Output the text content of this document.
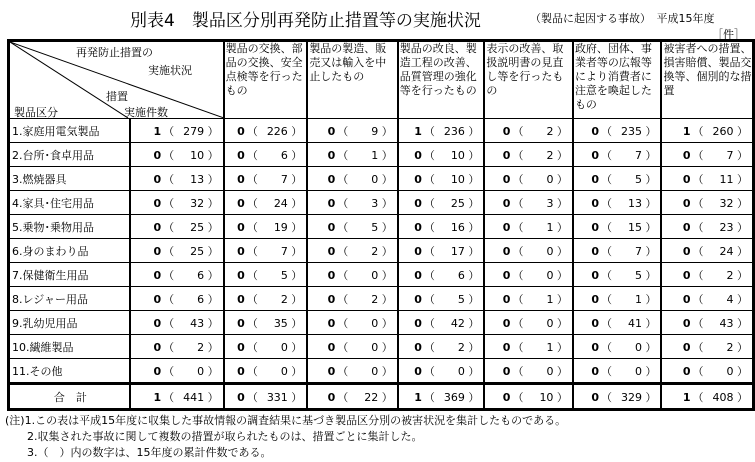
別表4　製品区分別再発防止措置等の実施状況	（製品に起因する事故）　平成15年度
［件］
再発防止措置の
実施状況
措置
製品区分 実施件数		製品の交換、部品の交換、安全点検等を行ったもの	製品の製造、販売又は輸入を中止したもの	製品の改良、製造工程の改善、品質管理の強化等を行ったもの	表示の改善、取扱説明書の見直し等を行ったもの	政府、団体、事業者等の広報等により消費者に注意を喚起したもの	被害者への措置、損害賠償、製品交換等、個別的な措置
1.家庭用電気製品	1 （ 279 ）	0 （ 226 ）	0 （ 9 ）	1 （ 236 ）	0 （ 2 ）	0 （ 235 ）	1 （ 260 ）
2.台所･食卓用品	0 （ 10 ）	0 （ 6 ）	0 （ 1 ）	0 （ 10 ）	0 （ 2 ）	0 （ 7 ）	0 （ 7 ）
3.燃焼器具	0 （ 13 ）	0 （ 7 ）	0 （ 0 ）	0 （ 10 ）	0 （ 0 ）	0 （ 5 ）	0 （ 11 ）
4.家具･住宅用品	0 （ 32 ）	0 （ 24 ）	0 （ 3 ）	0 （ 25 ）	0 （ 3 ）	0 （ 13 ）	0 （ 32 ）
5.乗物･乗物用品	0 （ 25 ）	0 （ 19 ）	0 （ 5 ）	0 （ 16 ）	0 （ 1 ）	0 （ 15 ）	0 （ 23 ）
6.身のまわり品	0 （ 25 ）	0 （ 7 ）	0 （ 2 ）	0 （ 17 ）	0 （ 0 ）	0 （ 7 ）	0 （ 24 ）
7.保健衛生用品	0 （ 6 ）	0 （ 5 ）	0 （ 0 ）	0 （ 6 ）	0 （ 0 ）	0 （ 5 ）	0 （ 2 ）
8.レジャー用品	0 （ 6 ）	0 （ 2 ）	0 （ 2 ）	0 （ 5 ）	0 （ 1 ）	0 （ 1 ）	0 （ 4 ）
9.乳幼児用品	0 （ 43 ）	0 （ 35 ）	0 （ 0 ）	0 （ 42 ）	0 （ 0 ）	0 （ 41 ）	0 （ 43 ）
10.繊維製品	0 （ 2 ）	0 （ 0 ）	0 （ 0 ）	0 （ 2 ）	0 （ 1 ）	0 （ 0 ）	0 （ 2 ）
11.その他	0 （ 0 ）	0 （ 0 ）	0 （ 0 ）	0 （ 0 ）	0 （ 0 ）	0 （ 0 ）	0 （ 0 ）
合　計	1 （ 441 ）	0 （ 331 ）	0 （ 22 ）	1 （ 369 ）	0 （ 10 ）	0 （ 329 ）	1 （ 408 ）
(注)1.この表は平成15年度に収集した事故情報の調査結果に基づき製品区分別の被害状況を集計したものである。
　　2.収集された事故に関して複数の措置が取られたものは、措置ごとに集計した。
　　3.（　）内の数字は、15年度の累計件数である。
